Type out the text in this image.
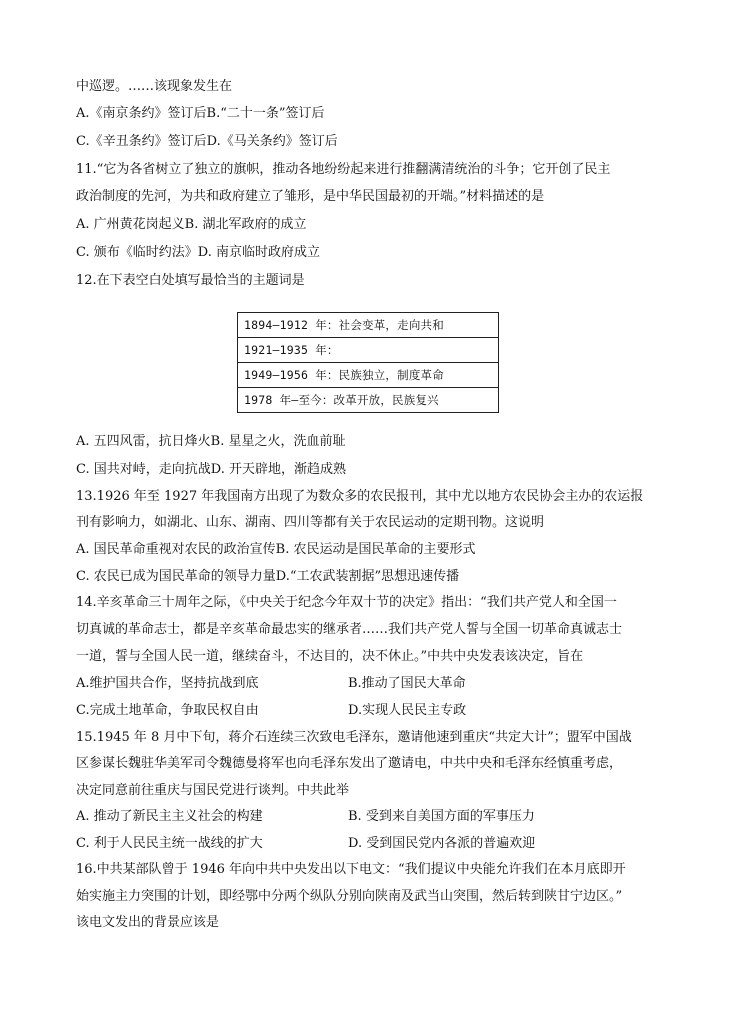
中巡逻。……该现象发生在
A.《南京条约》签订后B.“二十一条”签订后
C.《辛丑条约》签订后D.《马关条约》签订后
11.“它为各省树立了独立的旗帜，推动各地纷纷起来进行推翻满清统治的斗争；它开创了民主
政治制度的先河，为共和政府建立了雏形，是中华民国最初的开端。”材料描述的是
A. 广州黄花岗起义B. 湖北军政府的成立
C. 颁布《临时约法》D. 南京临时政府成立
12.在下表空白处填写最恰当的主题词是
1894—1912 年：社会变革，走向共和
1921—1935 年：
1949—1956 年：民族独立，制度革命
1978 年—至今：改革开放，民族复兴
A. 五四风雷，抗日烽火B. 星星之火，洗血前耻
C. 国共对峙，走向抗战D. 开天辟地，渐趋成熟
13.1926 年至 1927 年我国南方出现了为数众多的农民报刊，其中尤以地方农民协会主办的农运报
刊有影响力，如湖北、山东、湖南、四川等都有关于农民运动的定期刊物。这说明
A. 国民革命重视对农民的政治宣传B. 农民运动是国民革命的主要形式
C. 农民已成为国民革命的领导力量D.“工农武装割据”思想迅速传播
14.辛亥革命三十周年之际，《中央关于纪念今年双十节的决定》指出：“我们共产党人和全国一
切真诚的革命志士，都是辛亥革命最忠实的继承者……我们共产党人誓与全国一切革命真诚志士
一道，誓与全国人民一道，继续奋斗，不达目的，决不休止。”中共中央发表该决定，旨在
A.维护国共合作，坚持抗战到底	B.推动了国民大革命
C.完成土地革命，争取民权自由	D.实现人民民主专政
15.1945 年 8 月中下旬，蒋介石连续三次致电毛泽东，邀请他速到重庆“共定大计”；盟军中国战
区参谋长魏驻华美军司令魏德曼将军也向毛泽东发出了邀请电，中共中央和毛泽东经慎重考虑，
决定同意前往重庆与国民党进行谈判。中共此举
A. 推动了新民主主义社会的构建	B. 受到来自美国方面的军事压力
C. 利于人民民主统一战线的扩大	D. 受到国民党内各派的普遍欢迎
16.中共某部队曾于 1946 年向中共中央发出以下电文：“我们提议中央能允许我们在本月底即开
始实施主力突围的计划，即经鄂中分两个纵队分别向陕南及武当山突围，然后转到陕甘宁边区。”
该电文发出的背景应该是
